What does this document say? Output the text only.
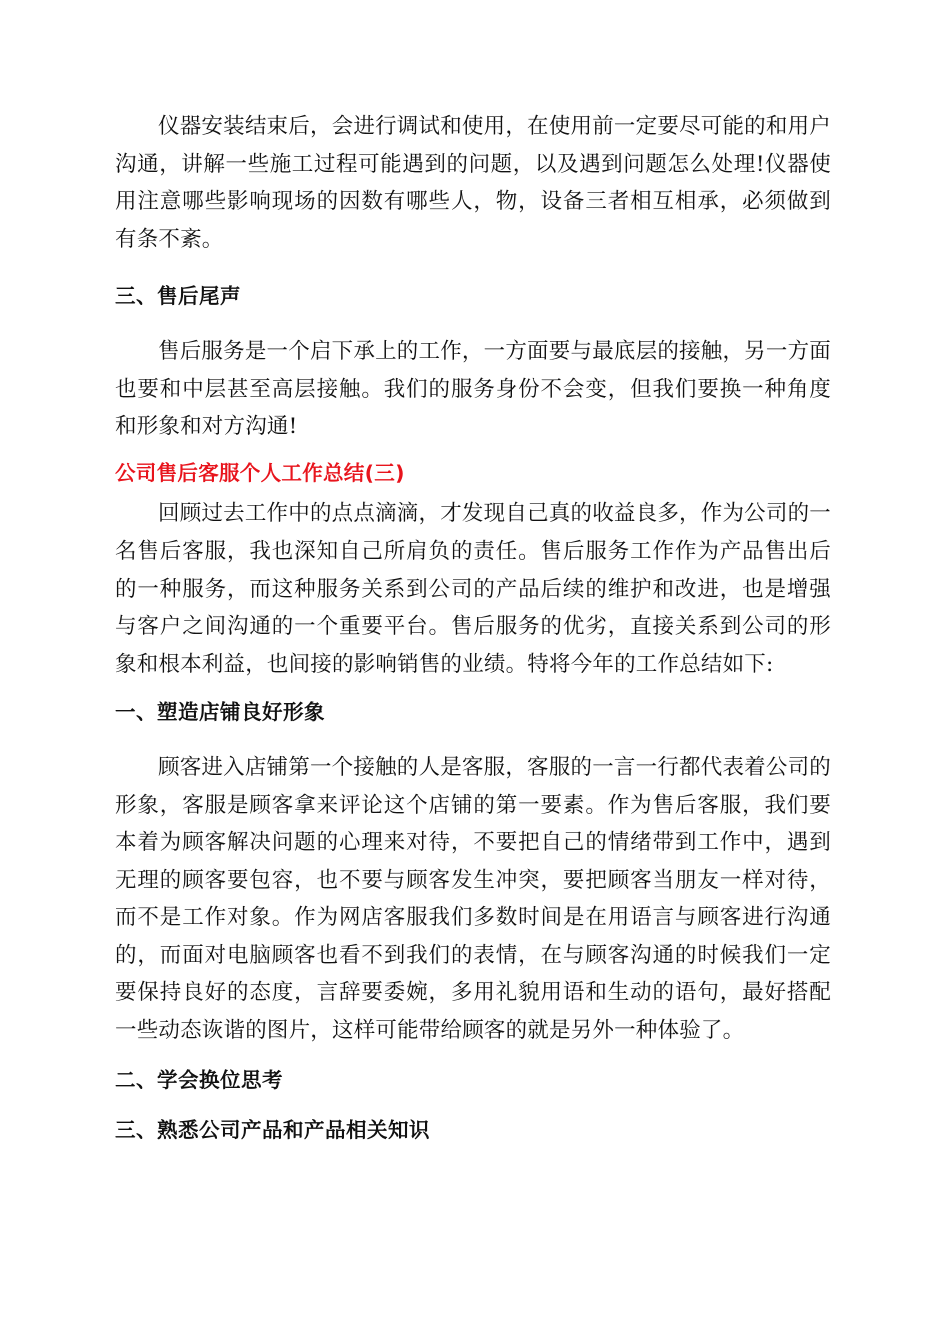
仪器安装结束后，会进行调试和使用，在使用前一定要尽可能的和用户沟通，讲解一些施工过程可能遇到的问题，以及遇到问题怎么处理!仪器使用注意哪些影响现场的因数有哪些人，物，设备三者相互相承，必须做到有条不紊。

三、售后尾声

售后服务是一个启下承上的工作，一方面要与最底层的接触，另一方面也要和中层甚至高层接触。我们的服务身份不会变，但我们要换一种角度和形象和对方沟通!

公司售后客服个人工作总结(三)

回顾过去工作中的点点滴滴，才发现自己真的收益良多，作为公司的一名售后客服，我也深知自己所肩负的责任。售后服务工作作为产品售出后的一种服务，而这种服务关系到公司的产品后续的维护和改进，也是增强与客户之间沟通的一个重要平台。售后服务的优劣，直接关系到公司的形象和根本利益，也间接的影响销售的业绩。特将今年的工作总结如下:

一、塑造店铺良好形象

顾客进入店铺第一个接触的人是客服，客服的一言一行都代表着公司的形象，客服是顾客拿来评论这个店铺的第一要素。作为售后客服，我们要本着为顾客解决问题的心理来对待，不要把自己的情绪带到工作中，遇到无理的顾客要包容，也不要与顾客发生冲突，要把顾客当朋友一样对待，而不是工作对象。作为网店客服我们多数时间是在用语言与顾客进行沟通的，而面对电脑顾客也看不到我们的表情，在与顾客沟通的时候我们一定要保持良好的态度，言辞要委婉，多用礼貌用语和生动的语句，最好搭配一些动态诙谐的图片，这样可能带给顾客的就是另外一种体验了。

二、学会换位思考

三、熟悉公司产品和产品相关知识
